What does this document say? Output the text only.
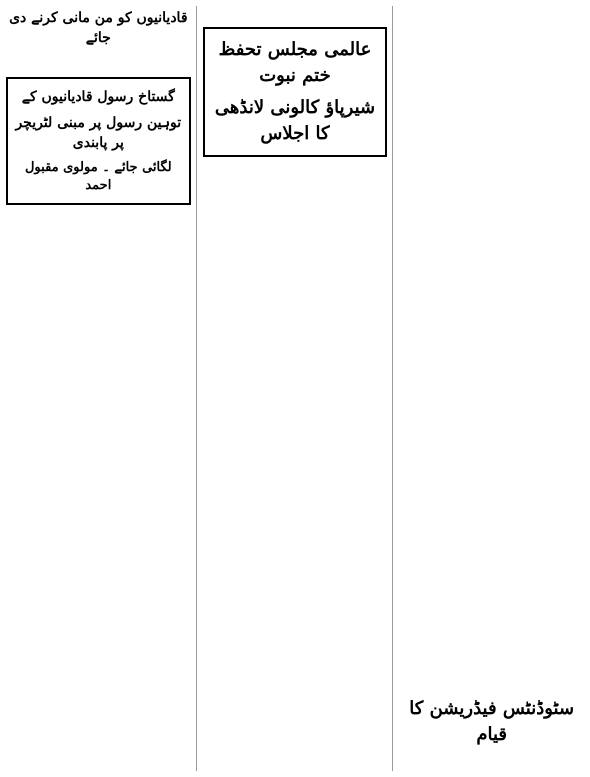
سٹوڈنٹس فیڈریشن کا قیام

عالمی مجلس تحفظ ختم نبوت
شیرپاؤ کالونی لانڈھی کا اجلاس

قادیانیوں کو من مانی کرنے دی جائے

گستاخ رسول قادیانیوں کے
توہین رسول پر مبنی لٹریچر پر پابندی
لگائی جائے ۔ مولوی مقبول احمد
